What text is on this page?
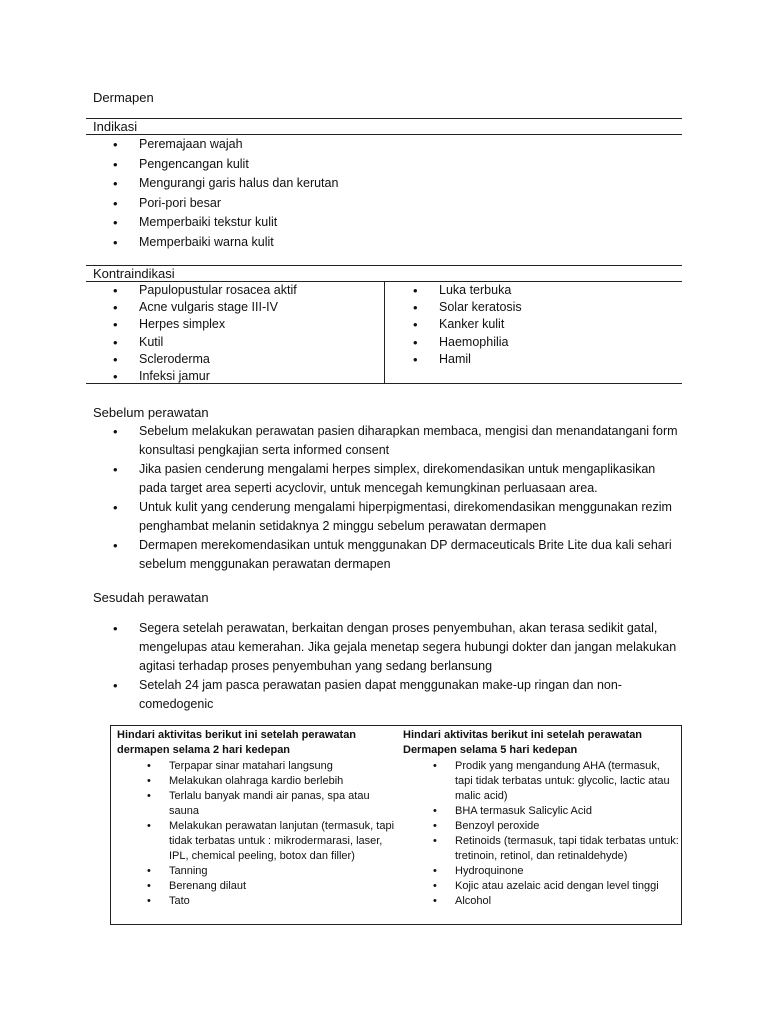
Dermapen
Indikasi
• Peremajaan wajah
• Pengencangan kulit
• Mengurangi garis halus dan kerutan
• Pori-pori besar
• Memperbaiki tekstur kulit
• Memperbaiki warna kulit
Kontraindikasi
• Papulopustular rosacea aktif
• Acne vulgaris stage III-IV
• Herpes simplex
• Kutil
• Scleroderma
• Infeksi jamur
• Luka terbuka
• Solar keratosis
• Kanker kulit
• Haemophilia
• Hamil
Sebelum perawatan
• Sebelum melakukan perawatan pasien diharapkan membaca, mengisi dan menandatangani form konsultasi pengkajian serta informed consent
• Jika pasien cenderung mengalami herpes simplex, direkomendasikan untuk mengaplikasikan pada target area seperti acyclovir, untuk mencegah kemungkinan perluasaan area.
• Untuk kulit yang cenderung mengalami hiperpigmentasi, direkomendasikan menggunakan rezim penghambat melanin setidaknya 2 minggu sebelum perawatan dermapen
• Dermapen merekomendasikan untuk menggunakan DP dermaceuticals Brite Lite dua kali sehari sebelum menggunakan perawatan dermapen
Sesudah perawatan
• Segera setelah perawatan, berkaitan dengan proses penyembuhan, akan terasa sedikit gatal, mengelupas atau kemerahan. Jika gejala menetap segera hubungi dokter dan jangan melakukan agitasi terhadap proses penyembuhan yang sedang berlansung
• Setelah 24 jam pasca perawatan pasien dapat menggunakan make-up ringan dan non-comedogenic
Hindari aktivitas berikut ini setelah perawatan dermapen selama 2 hari kedepan
• Terpapar sinar matahari langsung
• Melakukan olahraga kardio berlebih
• Terlalu banyak mandi air panas, spa atau sauna
• Melakukan perawatan lanjutan (termasuk, tapi tidak terbatas untuk : mikrodermarasi, laser, IPL, chemical peeling, botox dan filler)
• Tanning
• Berenang dilaut
• Tato
Hindari aktivitas berikut ini setelah perawatan Dermapen selama 5 hari kedepan
• Prodik yang mengandung AHA (termasuk, tapi tidak terbatas untuk: glycolic, lactic atau malic acid)
• BHA termasuk Salicylic Acid
• Benzoyl peroxide
• Retinoids (termasuk, tapi tidak terbatas untuk: tretinoin, retinol, dan retinaldehyde)
• Hydroquinone
• Kojic atau azelaic acid dengan level tinggi
• Alcohol
